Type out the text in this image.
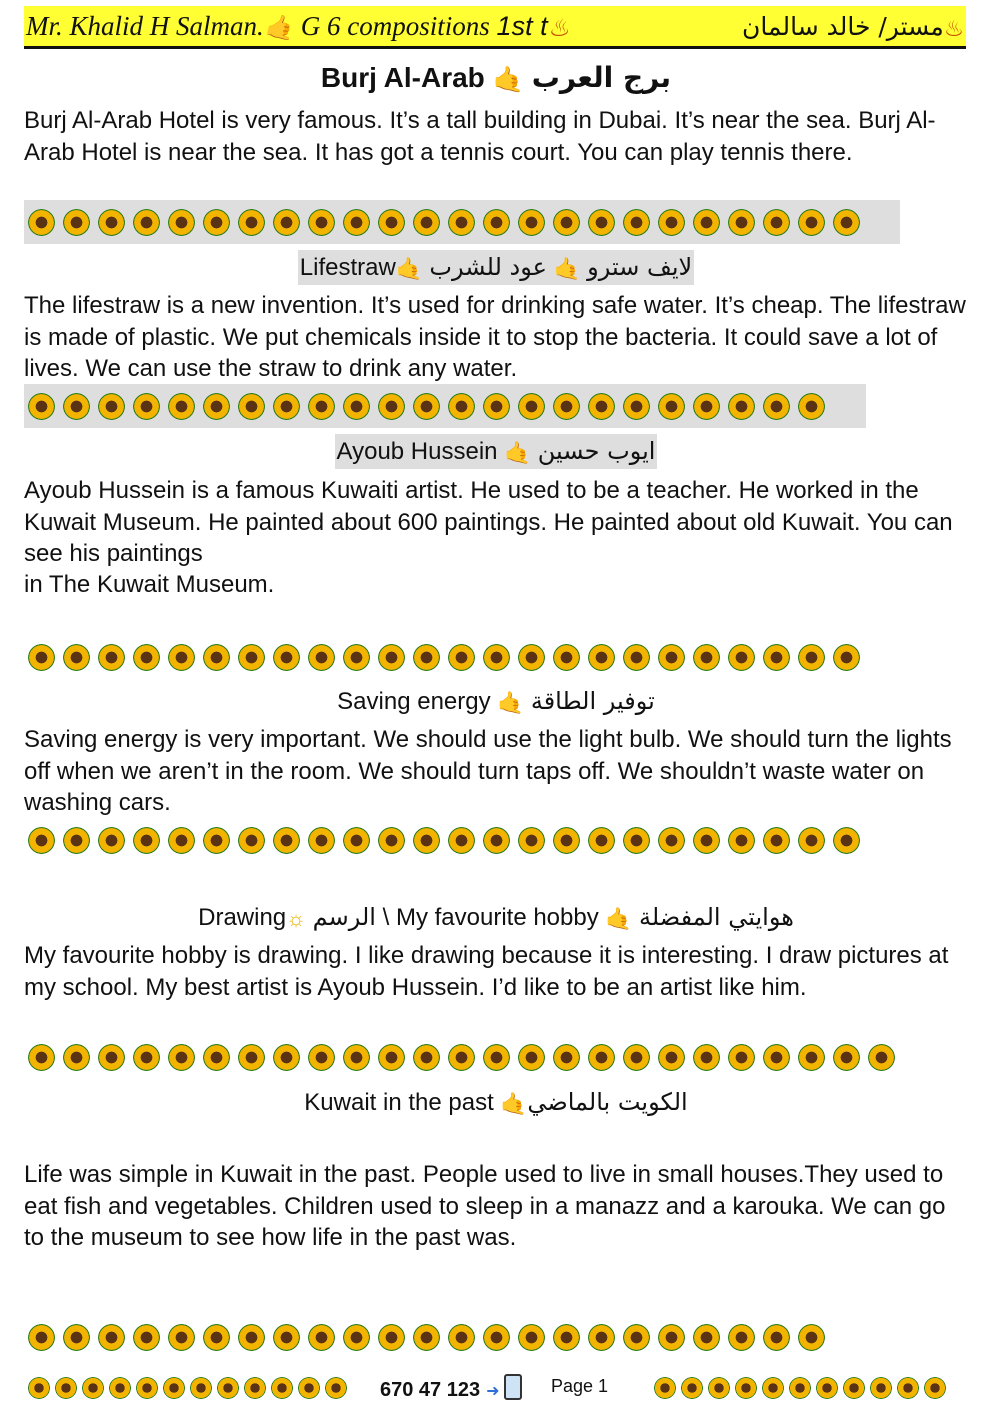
Mr. Khalid H Salman.🤙 G 6 compositions 1st t♨	♨مستر/ خالد سالمان
Burj Al-Arab 🤙 برج العرب

Burj Al-Arab Hotel is very famous. It’s a tall building in Dubai. It’s near the sea. Burj Al-Arab Hotel is near the sea. It has got a tennis court. You can play tennis there.

Lifestraw🤙 عود للشرب 🤙 لايف سترو

The lifestraw is a new invention. It’s used for drinking safe water. It’s cheap. The lifestraw is made of plastic. We put chemicals inside it to stop the bacteria. It could save a lot of lives. We can use the straw to drink any water.

Ayoub Hussein 🤙 ايوب حسين

Ayoub Hussein is a famous Kuwaiti artist. He used to be a teacher. He worked in the Kuwait Museum. He painted about 600 paintings. He painted about old Kuwait. You can see his paintings

in The Kuwait Museum.

Saving energy 🤙 توفير الطاقة

Saving energy is very important. We should use the light bulb. We should turn the lights off when we aren’t in the room. We should turn taps off. We shouldn’t waste water on washing cars.

Drawing☼ الرسم \ My favourite hobby 🤙 هوايتي المفضلة

My favourite hobby is drawing. I like drawing because it is interesting. I draw pictures at my school. My best artist is Ayoub Hussein. I’d like to be an artist like him.

Kuwait in the past 🤙الكويت بالماضي

Life was simple in Kuwait in the past. People used to live in small houses.They used to eat fish and vegetables. Children used to sleep in a manazz and a karouka. We can go to the museum to see how life in the past was.

670 47 123 ➜	Page 1
